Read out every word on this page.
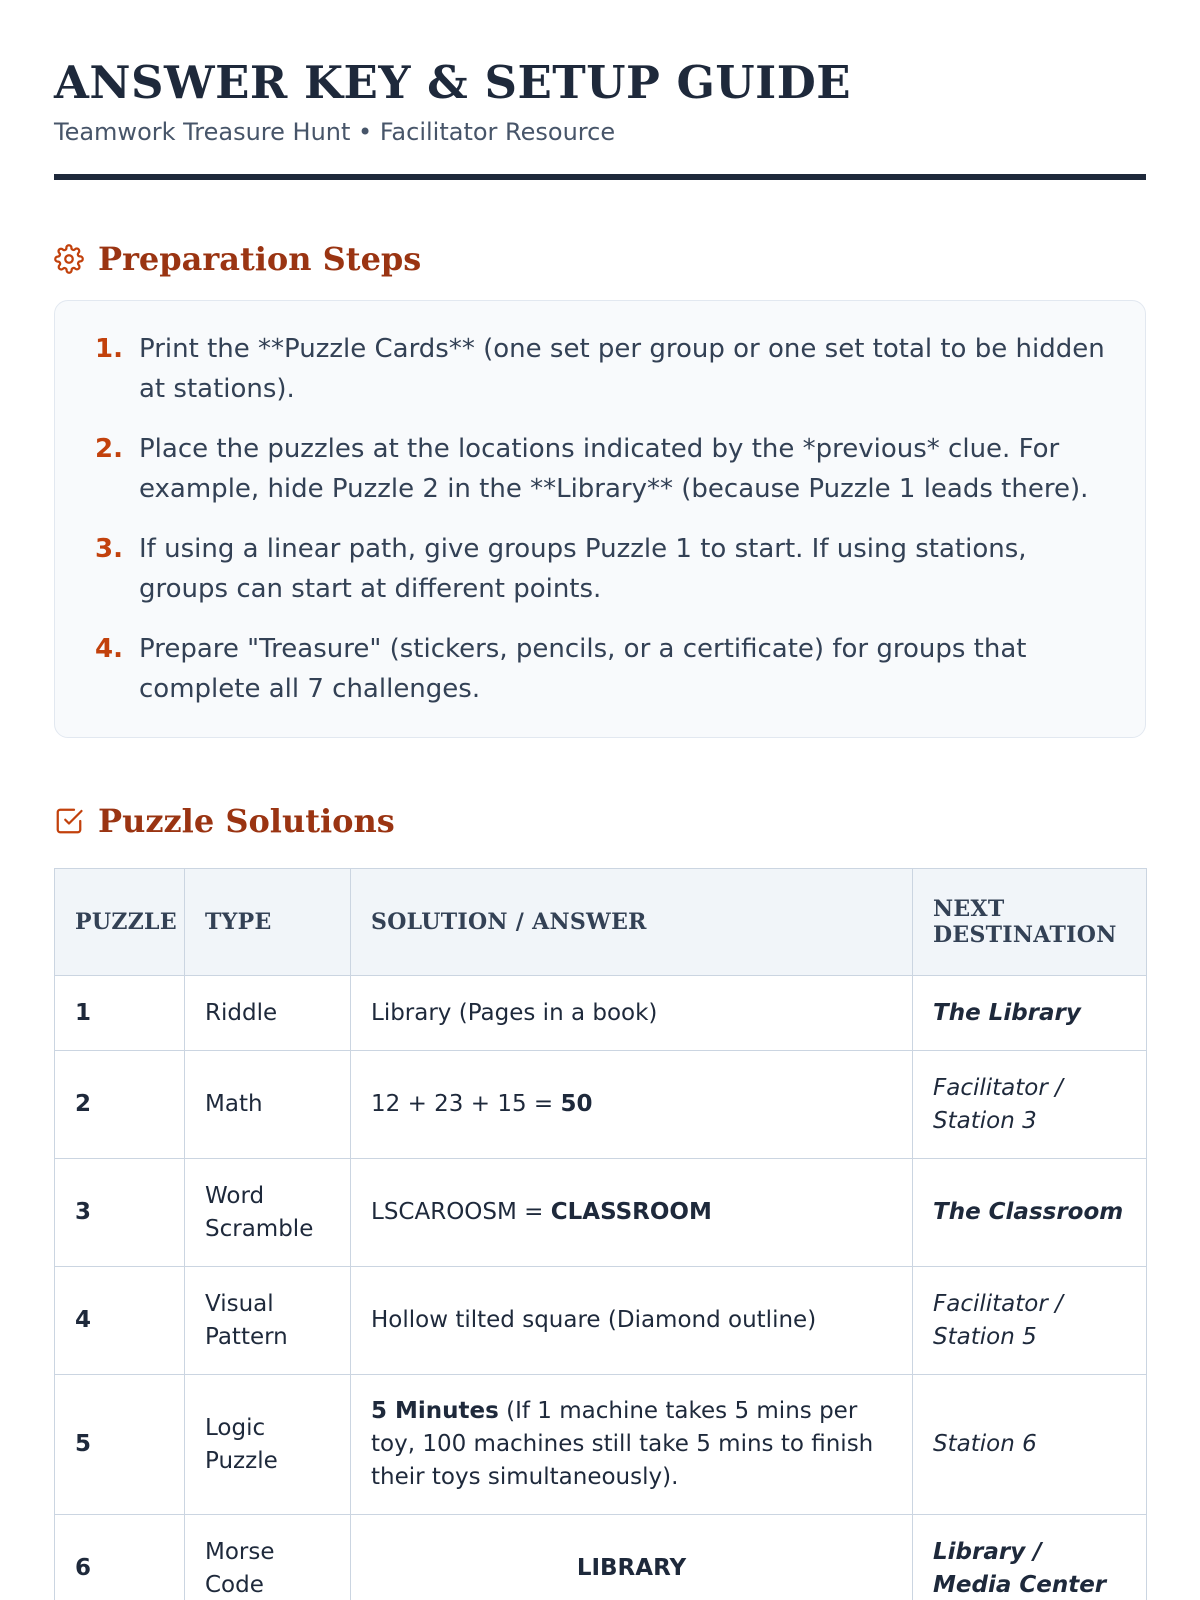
ANSWER KEY & SETUP GUIDE
Teamwork Treasure Hunt • Facilitator Resource
Preparation Steps
1. Print the **Puzzle Cards** (one set per group or one set total to be hidden at stations).
2. Place the puzzles at the locations indicated by the *previous* clue. For example, hide Puzzle 2 in the **Library** (because Puzzle 1 leads there).
3. If using a linear path, give groups Puzzle 1 to start. If using stations, groups can start at different points.
4. Prepare "Treasure" (stickers, pencils, or a certificate) for groups that complete all 7 challenges.
Puzzle Solutions
PUZZLE	TYPE	SOLUTION / ANSWER	NEXT DESTINATION
1	Riddle	Library (Pages in a book)	The Library
2	Math	12 + 23 + 15 = 50	Facilitator / Station 3
3	Word Scramble	LSCAROOSM = CLASSROOM	The Classroom
4	Visual Pattern	Hollow tilted square (Diamond outline)	Facilitator / Station 5
5	Logic Puzzle	5 Minutes (If 1 machine takes 5 mins per toy, 100 machines still take 5 mins to finish their toys simultaneously).	Station 6
6	Morse Code	LIBRARY	Library / Media Center
